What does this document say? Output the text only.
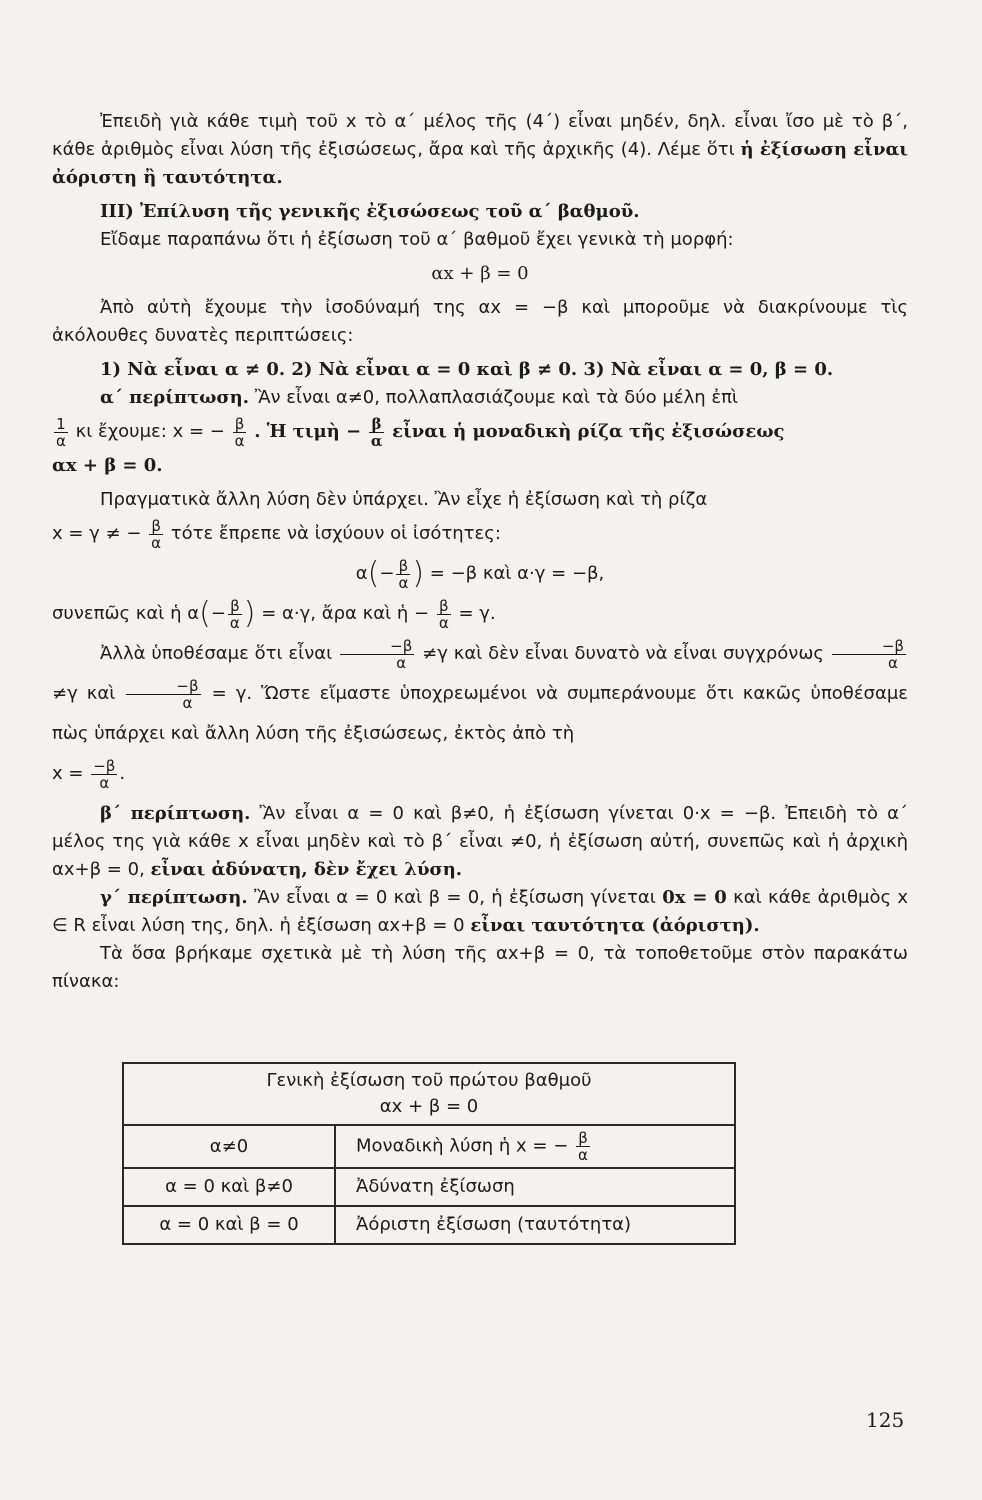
Ἐπειδὴ γιὰ κάθε τιμὴ τοῦ x τὸ α΄ μέλος τῆς (4΄) εἶναι μηδέν, δηλ. εἶναι ἴσο μὲ τὸ β΄, κάθε ἀριθμὸς εἶναι λύση τῆς ἐξισώσεως, ἄρα καὶ τῆς ἀρχικῆς (4). Λέμε ὅτι ἡ ἐξίσωση εἶναι ἀόριστη ἢ ταυτότητα.

III) Ἐπίλυση τῆς γενικῆς ἐξισώσεως τοῦ α΄ βαθμοῦ.

Εἴδαμε παραπάνω ὅτι ἡ ἐξίσωση τοῦ α΄ βαθμοῦ ἔχει γενικὰ τὴ μορφή:

αx + β = 0

Ἀπὸ αὐτὴ ἔχουμε τὴν ἰσοδύναμή της αx = −β καὶ μποροῦμε νὰ διακρίνουμε τὶς ἀκόλουθες δυνατὲς περιπτώσεις:

1) Νὰ εἶναι α ≠ 0. 2) Νὰ εἶναι α = 0 καὶ β ≠ 0. 3) Νὰ εἶναι α = 0, β = 0.

α΄ περίπτωση. Ἂν εἶναι α≠0, πολλαπλασιάζουμε καὶ τὰ δύο μέλη ἐπὶ

$\frac{1}{\alpha}$ κι ἔχουμε: x = − $\frac{\beta}{\alpha}$ . Ἡ τιμὴ − $\frac{\beta}{\alpha}$ εἶναι ἡ μοναδικὴ ρίζα τῆς ἐξισώσεως

αx + β = 0.

Πραγματικὰ ἄλλη λύση δὲν ὑπάρχει. Ἂν εἶχε ἡ ἐξίσωση καὶ τὴ ρίζα

x = γ ≠ − $\frac{\beta}{\alpha}$ τότε ἔπρεπε νὰ ἰσχύουν οἱ ἰσότητες:

$\alpha(- \frac{\beta}{\alpha}$ ) = −β καὶ α·γ = −β,

συνεπῶς καὶ ἡ $\alpha(- \frac{\beta}{\alpha}$ ) = α·γ, ἄρα καὶ ἡ − $\frac{\beta}{\alpha} = \gamma$.

Ἀλλὰ ὑποθέσαμε ὅτι εἶναι $\frac{-\beta}{\alpha} \ne\gamma$ καὶ δὲν εἶναι δυνατὸ νὰ εἶναι συγχρόνως $\frac{-\beta}{\alpha}$
≠γ καὶ $\frac{-\beta}{\alpha} = \gamma$. Ὥστε εἴμαστε ὑποχρεωμένοι νὰ συμπεράνουμε ὅτι κακῶς ὑποθέσαμε πὼς ὑπάρχει καὶ ἄλλη λύση τῆς ἐξισώσεως, ἐκτὸς ἀπὸ τὴ

$x = \frac{-\beta}{\alpha}$ .

β΄ περίπτωση. Ἂν εἶναι α = 0 καὶ β≠0, ἡ ἐξίσωση γίνεται 0·x = −β. Ἐπειδὴ τὸ α΄ μέλος της γιὰ κάθε x εἶναι μηδὲν καὶ τὸ β΄ εἶναι ≠0, ἡ ἐξίσωση αὐτή, συνεπῶς καὶ ἡ ἀρχικὴ αx+β = 0, εἶναι ἀδύνατη, δὲν ἔχει λύση.

γ΄ περίπτωση. Ἂν εἶναι α = 0 καὶ β = 0, ἡ ἐξίσωση γίνεται 0x = 0 καὶ κάθε ἀριθμὸς x ∈ R εἶναι λύση της, δηλ. ἡ ἐξίσωση αx+β = 0 εἶναι ταυτότητα (ἀόριστη).

Τὰ ὅσα βρήκαμε σχετικὰ μὲ τὴ λύση τῆς αx+β = 0, τὰ τοποθετοῦμε στὸν παρακάτω πίνακα:

Γενικὴ ἐξίσωση τοῦ πρώτου βαθμοῦ
αx + β = 0	

α≠0	Μοναδικὴ λύση ἡ x = − $\frac{\beta}{\alpha}$

α = 0 καὶ β≠0	Ἀδύνατη ἐξίσωση
α = 0 καὶ β = 0	Ἀόριστη ἐξίσωση (ταυτότητα)
125
